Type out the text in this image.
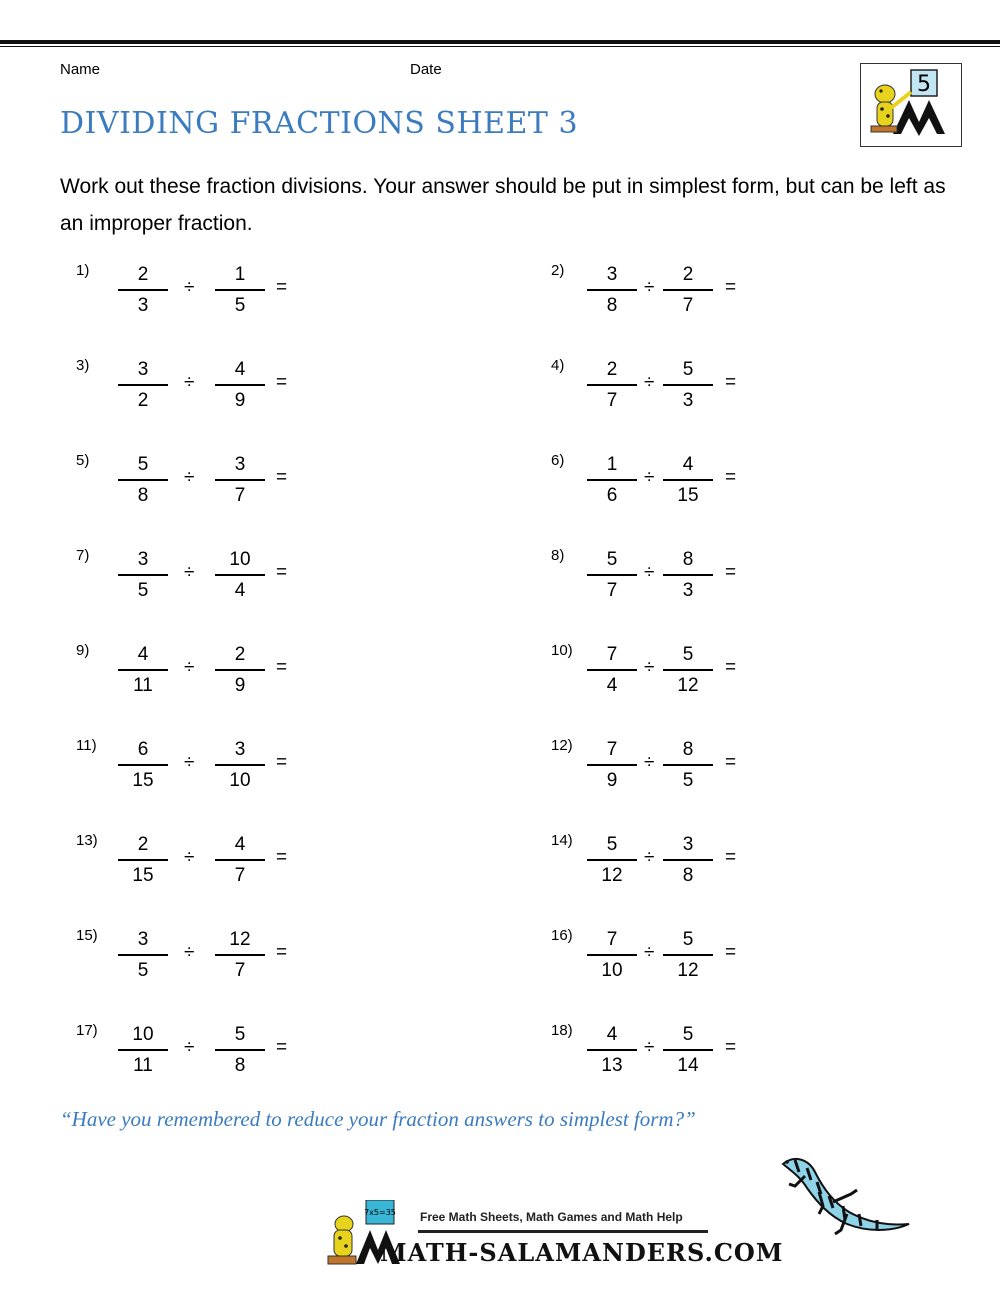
Name	Date
DIVIDING FRACTIONS SHEET 3
5
Work out these fraction divisions. Your answer should be put in simplest form, but can be left as an improper fraction.
1)	2
3
÷
1
5
=
2)	3
8
÷
2
7
=
3)	3
2
÷
4
9
=
4)	2
7
÷
5
3
=
5)	5
8
÷
3
7
=
6)	1
6
÷
4
15
=
7)	3
5
÷
10
4
=
8)	5
7
÷
8
3
=
9)	4
11
÷
2
9
=
10)	7
4
÷
5
12
=
11)	6
15
÷
3
10
=
12)	7
9
÷
8
5
=
13)	2
15
÷
4
7
=
14)	5
12
÷
3
8
=
15)	3
5
÷
12
7
=
16)	7
10
÷
5
12
=
17)	10
11
÷
5
8
=
18)	4
13
÷
5
14
=
“Have you remembered to reduce your fraction answers to simplest form?”
7x5=35 Free Math Sheets, Math Games and Math Help
MATH-SALAMANDERS.COM
